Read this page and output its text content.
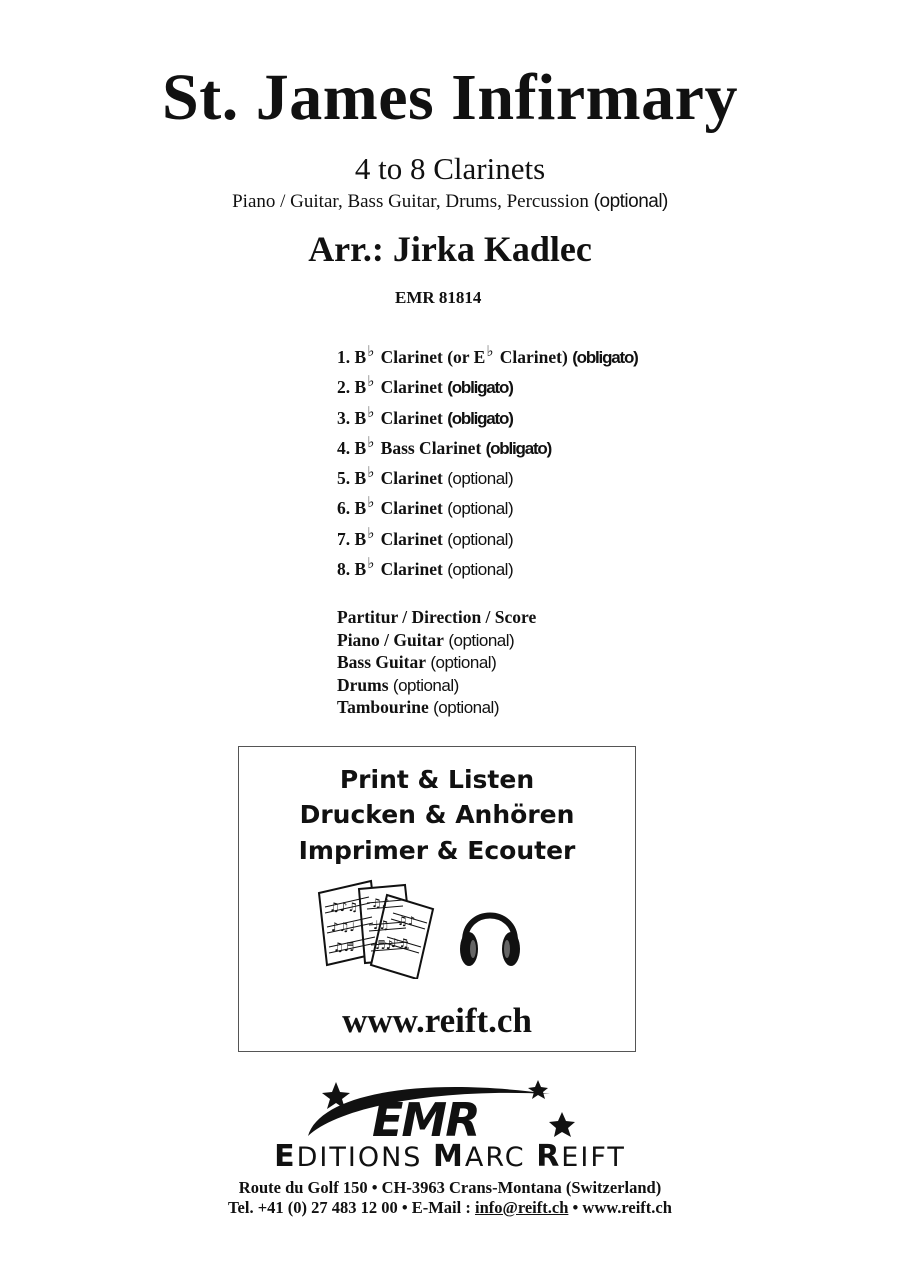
St. James Infirmary
4 to 8 Clarinets
Piano / Guitar, Bass Guitar, Drums, Percussion (optional)
Arr.: Jirka Kadlec
EMR 81814
1. B♭ Clarinet (or E♭ Clarinet) (obligato)
2. B♭ Clarinet (obligato)
3. B♭ Clarinet (obligato)
4. B♭ Bass Clarinet (obligato)
5. B♭ Clarinet (optional)
6. B♭ Clarinet (optional)
7. B♭ Clarinet (optional)
8. B♭ Clarinet (optional)
Partitur / Direction / Score
Piano / Guitar (optional)
Bass Guitar (optional)
Drums (optional)
Tambourine (optional)
Print & Listen
Drucken & Anhören
Imprimer & Ecouter
♫♪♫
♪♫♩
♫♬
♫♪
♩♫
♬♪
♫♪
♪♫
www.reift.ch
EMR
EDITIONS MARC REIFT
Route du Golf 150 • CH-3963 Crans-Montana (Switzerland)
Tel. +41 (0) 27 483 12 00 • E-Mail : info@reift.ch • www.reift.ch
